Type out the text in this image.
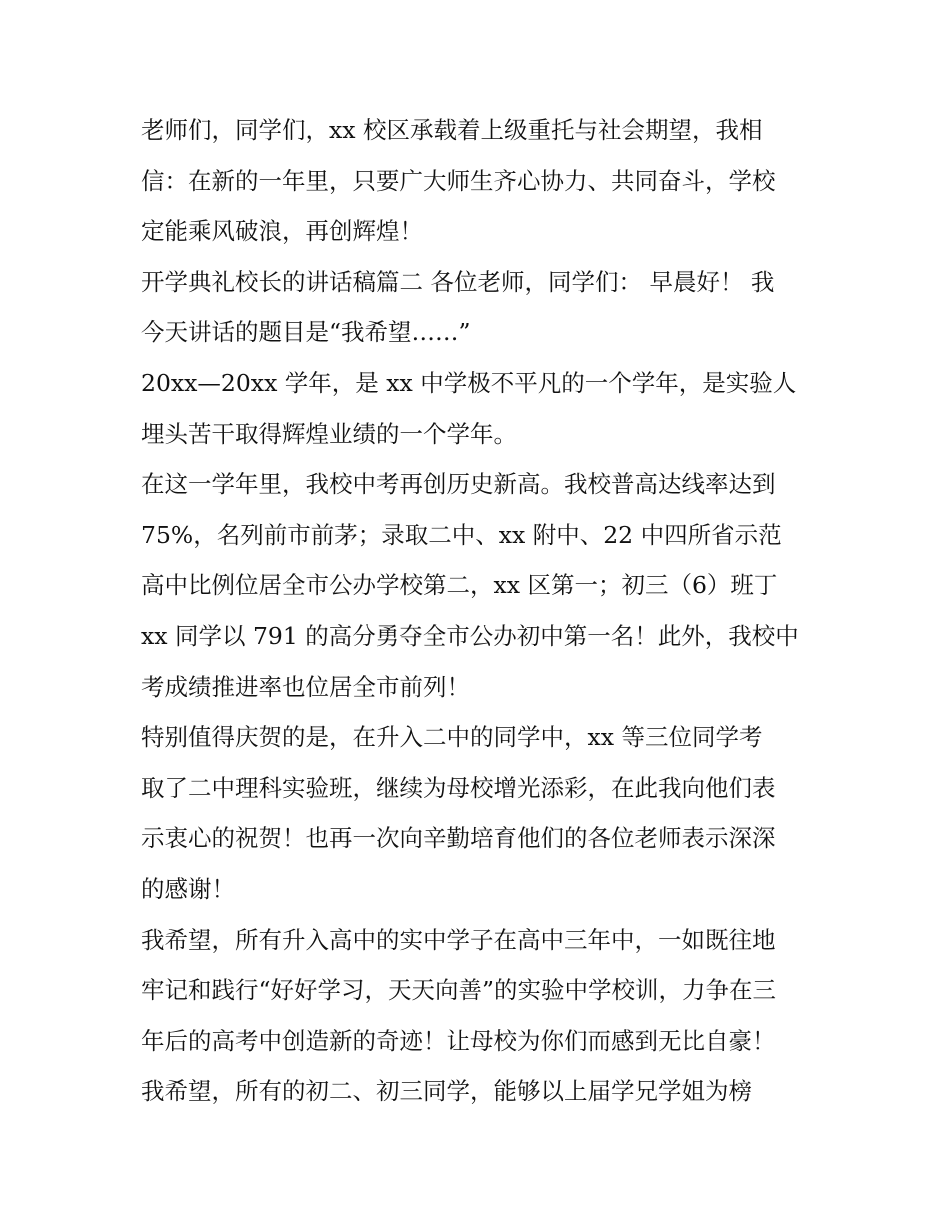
老师们，同学们，xx 校区承载着上级重托与社会期望，我相
信：在新的一年里，只要广大师生齐心协力、共同奋斗，学校
定能乘风破浪，再创辉煌！
开学典礼校长的讲话稿篇二 各位老师，同学们： 早晨好！ 我
今天讲话的题目是“我希望……”
20xx—20xx 学年，是 xx 中学极不平凡的一个学年，是实验人
埋头苦干取得辉煌业绩的一个学年。
在这一学年里，我校中考再创历史新高。我校普高达线率达到
75%，名列前市前茅；录取二中、xx 附中、22 中四所省示范
高中比例位居全市公办学校第二，xx 区第一；初三（6）班丁
xx 同学以 791 的高分勇夺全市公办初中第一名！此外，我校中
考成绩推进率也位居全市前列！
特别值得庆贺的是，在升入二中的同学中，xx 等三位同学考
取了二中理科实验班，继续为母校增光添彩，在此我向他们表
示衷心的祝贺！也再一次向辛勤培育他们的各位老师表示深深
的感谢！
我希望，所有升入高中的实中学子在高中三年中，一如既往地
牢记和践行“好好学习，天天向善”的实验中学校训，力争在三
年后的高考中创造新的奇迹！让母校为你们而感到无比自豪！
我希望，所有的初二、初三同学，能够以上届学兄学姐为榜
